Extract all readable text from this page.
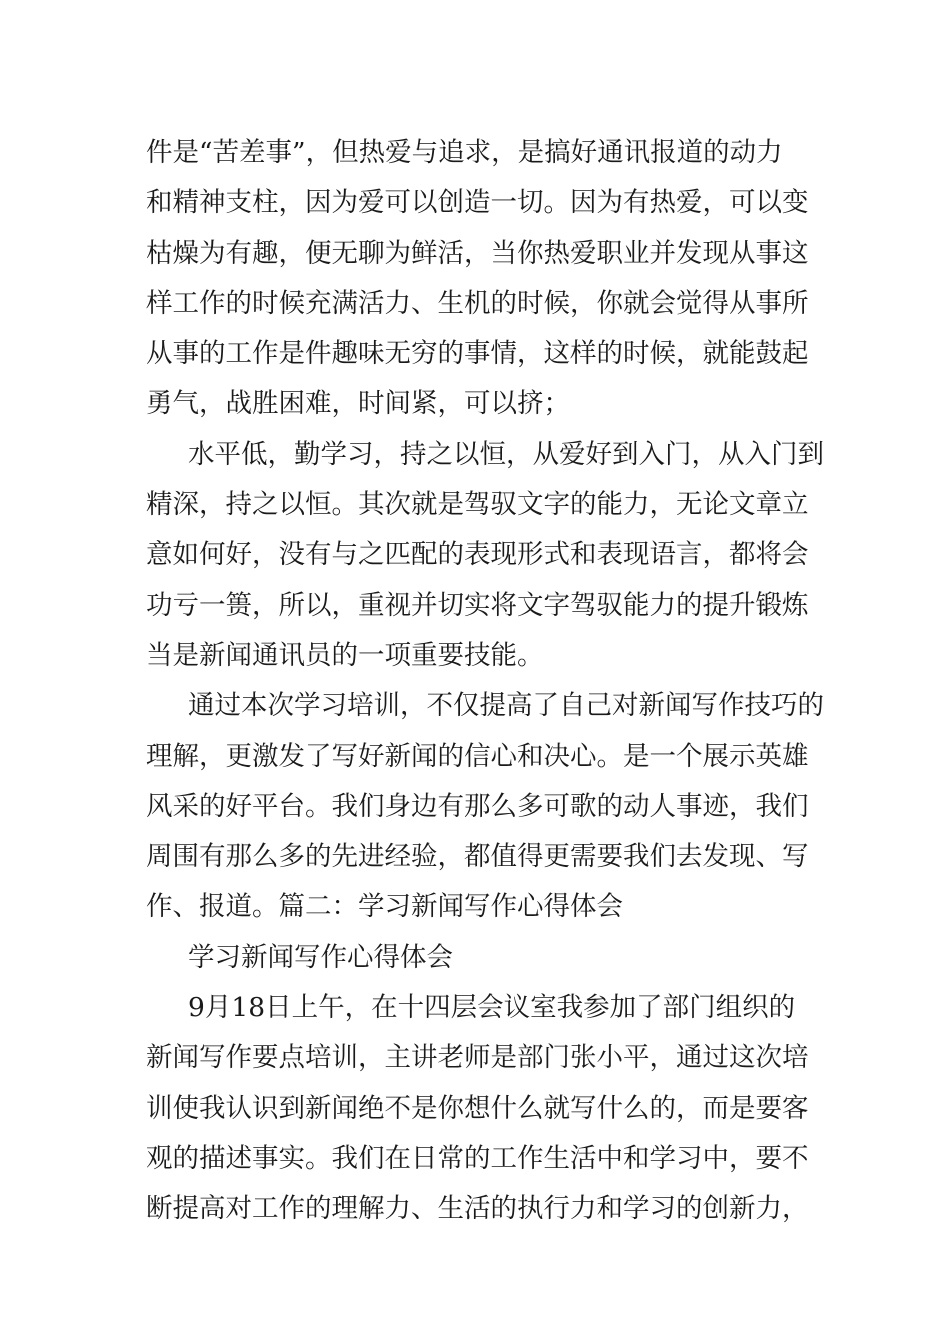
件是“苦差事”，但热爱与追求，是搞好通讯报道的动力
和精神支柱，因为爱可以创造一切。因为有热爱，可以变
枯燥为有趣，便无聊为鲜活，当你热爱职业并发现从事这
样工作的时候充满活力、生机的时候，你就会觉得从事所
从事的工作是件趣味无穷的事情，这样的时候，就能鼓起
勇气，战胜困难，时间紧，可以挤；
水平低，勤学习，持之以恒，从爱好到入门，从入门到
精深，持之以恒。其次就是驾驭文字的能力，无论文章立
意如何好，没有与之匹配的表现形式和表现语言，都将会
功亏一篑，所以，重视并切实将文字驾驭能力的提升锻炼
当是新闻通讯员的一项重要技能。
通过本次学习培训，不仅提高了自己对新闻写作技巧的
理解，更激发了写好新闻的信心和决心。是一个展示英雄
风采的好平台。我们身边有那么多可歌的动人事迹，我们
周围有那么多的先进经验，都值得更需要我们去发现、写
作、报道。篇二：学习新闻写作心得体会
学习新闻写作心得体会
9月18日上午，在十四层会议室我参加了部门组织的
新闻写作要点培训，主讲老师是部门张小平，通过这次培
训使我认识到新闻绝不是你想什么就写什么的，而是要客
观的描述事实。我们在日常的工作生活中和学习中，要不
断提高对工作的理解力、生活的执行力和学习的创新力，
